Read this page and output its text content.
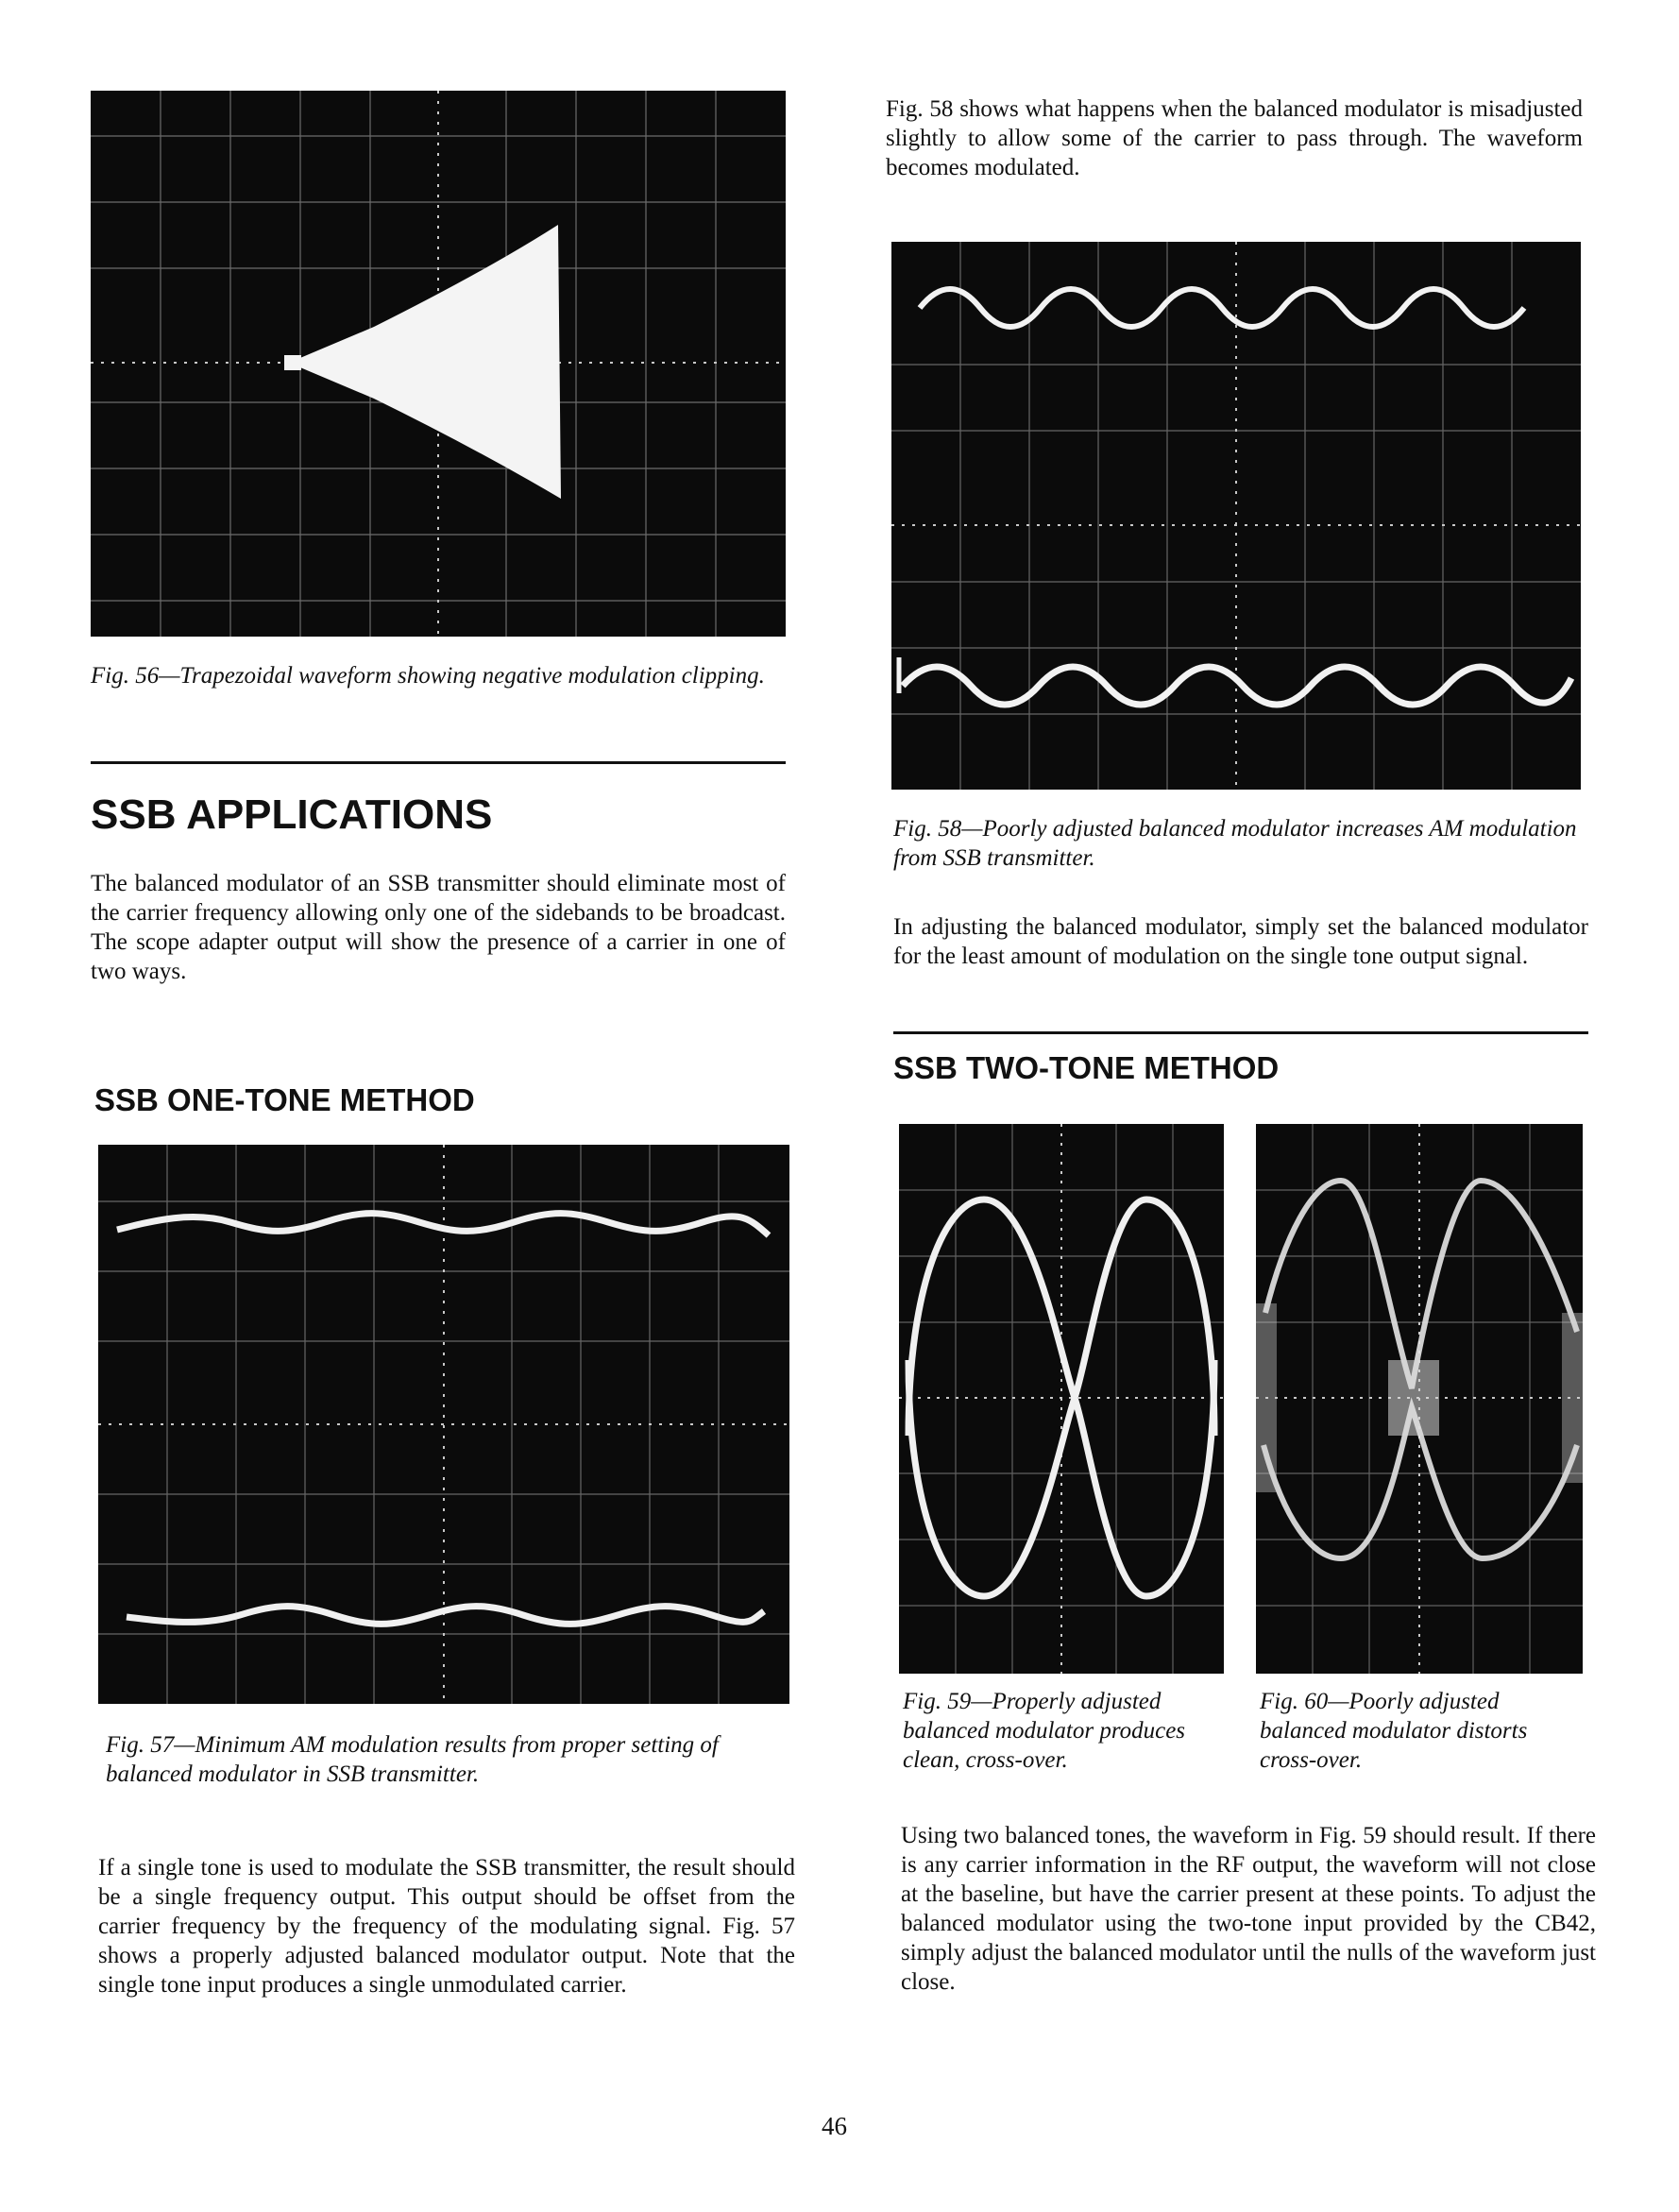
Fig. 56—Trapezoidal waveform showing negative modulation clipping.
SSB APPLICATIONS

The balanced modulator of an SSB transmitter should eliminate most of the carrier frequency allowing only one of the sidebands to be broadcast. The scope adapter output will show the presence of a carrier in one of two ways.

SSB ONE-TONE METHOD
Fig. 57—Minimum AM modulation results from proper setting of balanced modulator in SSB transmitter.

If a single tone is used to modulate the SSB transmitter, the result should be a single frequency output. This output should be offset from the carrier frequency by the frequency of the modulating signal. Fig. 57 shows a properly adjusted balanced modulator output. Note that the single tone input produces a single unmodulated carrier.

Fig. 58 shows what happens when the balanced modulator is misadjusted slightly to allow some of the carrier to pass through. The waveform becomes modulated.

Fig. 58—Poorly adjusted balanced modulator increases AM modulation from SSB transmitter.

In adjusting the balanced modulator, simply set the balanced modulator for the least amount of modulation on the single tone output signal.

SSB TWO-TONE METHOD
Fig. 59—Properly adjusted balanced modulator produces clean, cross-over.
Fig. 60—Poorly adjusted balanced modulator distorts cross-over.

Using two balanced tones, the waveform in Fig. 59 should result. If there is any carrier information in the RF output, the waveform will not close at the baseline, but have the carrier present at these points. To adjust the balanced modulator using the two-tone input provided by the CB42, simply adjust the balanced modulator until the nulls of the waveform just close.

46
